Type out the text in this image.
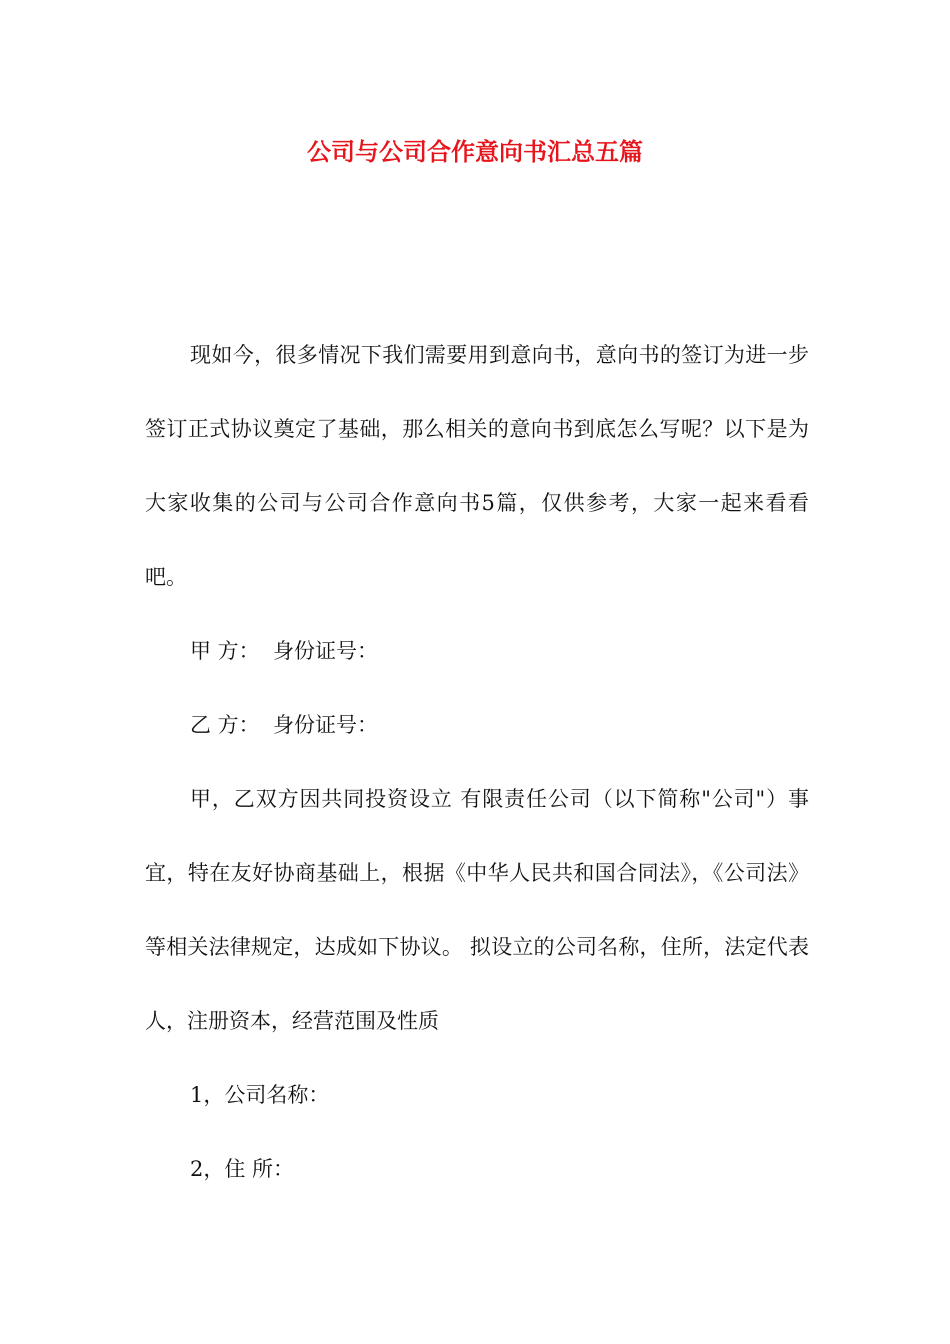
公司与公司合作意向书汇总五篇

现如今，很多情况下我们需要用到意向书，意向书的签订为进一步签订正式协议奠定了基础，那么相关的意向书到底怎么写呢？以下是为大家收集的公司与公司合作意向书5篇，仅供参考，大家一起来看看吧。

甲 方：  身份证号：

乙 方：  身份证号：

甲，乙双方因共同投资设立 有限责任公司（以下简称"公司"）事宜，特在友好协商基础上，根据《中华人民共和国合同法》，《公司法》等相关法律规定，达成如下协议。 拟设立的公司名称，住所，法定代表人，注册资本，经营范围及性质

1，公司名称：

2，住 所：
